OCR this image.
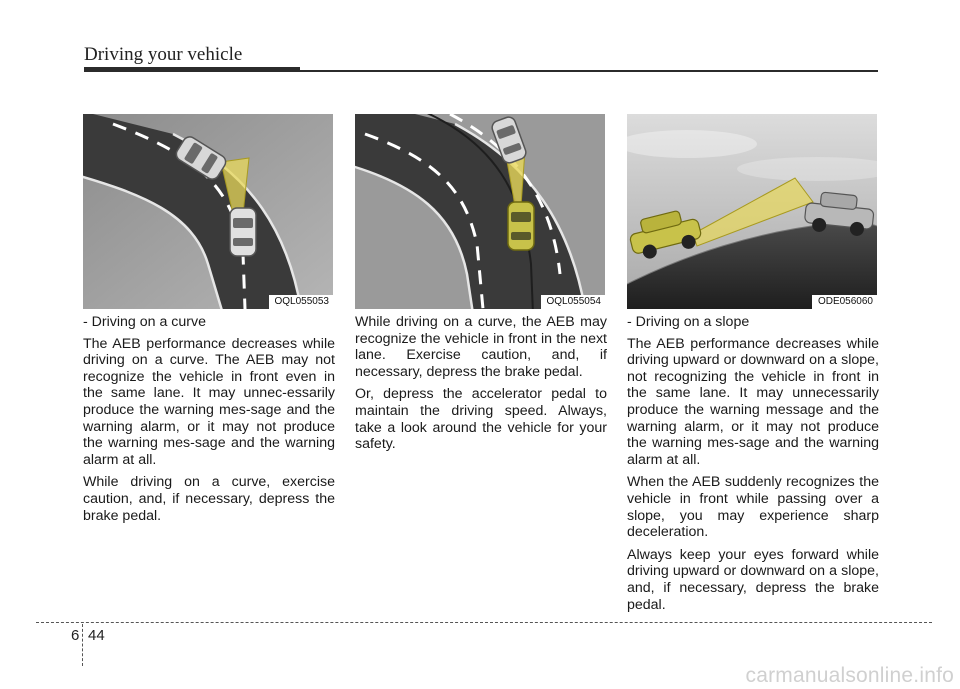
Driving your vehicle
OQL055053	OQL055054	ODE056060

- Driving on a curve

The AEB performance decreases while driving on a curve. The AEB may not recognize the vehicle in front even in the same lane. It may unnec-essarily produce the warning mes-sage and the warning alarm, or it may not produce the warning mes-sage and the warning alarm at all.

While driving on a curve, exercise caution, and, if necessary, depress the brake pedal.

While driving on a curve, the AEB may recognize the vehicle in front in the next lane. Exercise caution, and, if necessary, depress the brake pedal.

Or, depress the accelerator pedal to maintain the driving speed. Always, take a look around the vehicle for your safety.

- Driving on a slope

The AEB performance decreases while driving upward or downward on a slope, not recognizing the vehicle in front in the same lane. It may unnecessarily produce the warning message and the warning alarm, or it may not produce the warning mes-sage and the warning alarm at all.

When the AEB suddenly recognizes the vehicle in front while passing over a slope, you may experience sharp deceleration.

Always keep your eyes forward while driving upward or downward on a slope, and, if necessary, depress the brake pedal.

6 44
carmanualsonline.info
